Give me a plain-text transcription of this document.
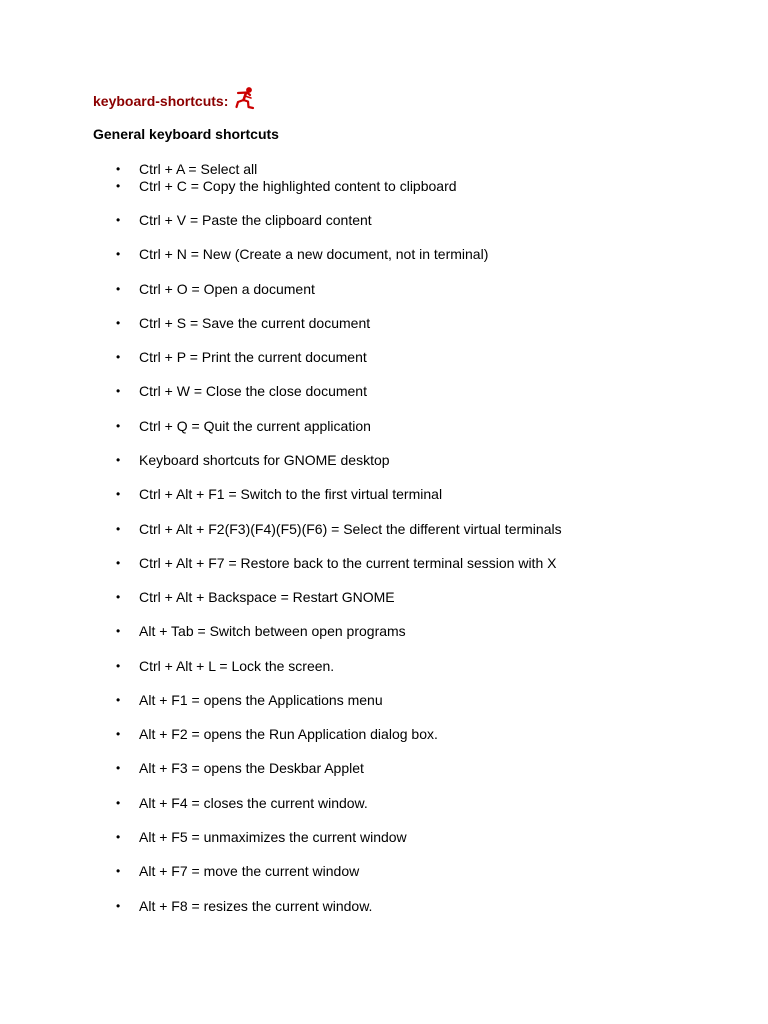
keyboard-shortcuts:
General keyboard shortcuts
•	Ctrl + A = Select all
•	Ctrl + C = Copy the highlighted content to clipboard
•	Ctrl + V = Paste the clipboard content
•	Ctrl + N = New (Create a new document, not in terminal)
•	Ctrl + O = Open a document
•	Ctrl + S = Save the current document
•	Ctrl + P = Print the current document
•	Ctrl + W = Close the close document
•	Ctrl + Q = Quit the current application
•	Keyboard shortcuts for GNOME desktop
•	Ctrl + Alt + F1 = Switch to the first virtual terminal
•	Ctrl + Alt + F2(F3)(F4)(F5)(F6) = Select the different virtual terminals
•	Ctrl + Alt + F7 = Restore back to the current terminal session with X
•	Ctrl + Alt + Backspace = Restart GNOME
•	Alt + Tab = Switch between open programs
•	Ctrl + Alt + L = Lock the screen.
•	Alt + F1 = opens the Applications menu
•	Alt + F2 = opens the Run Application dialog box.
•	Alt + F3 = opens the Deskbar Applet
•	Alt + F4 = closes the current window.
•	Alt + F5 = unmaximizes the current window
•	Alt + F7 = move the current window
•	Alt + F8 = resizes the current window.
